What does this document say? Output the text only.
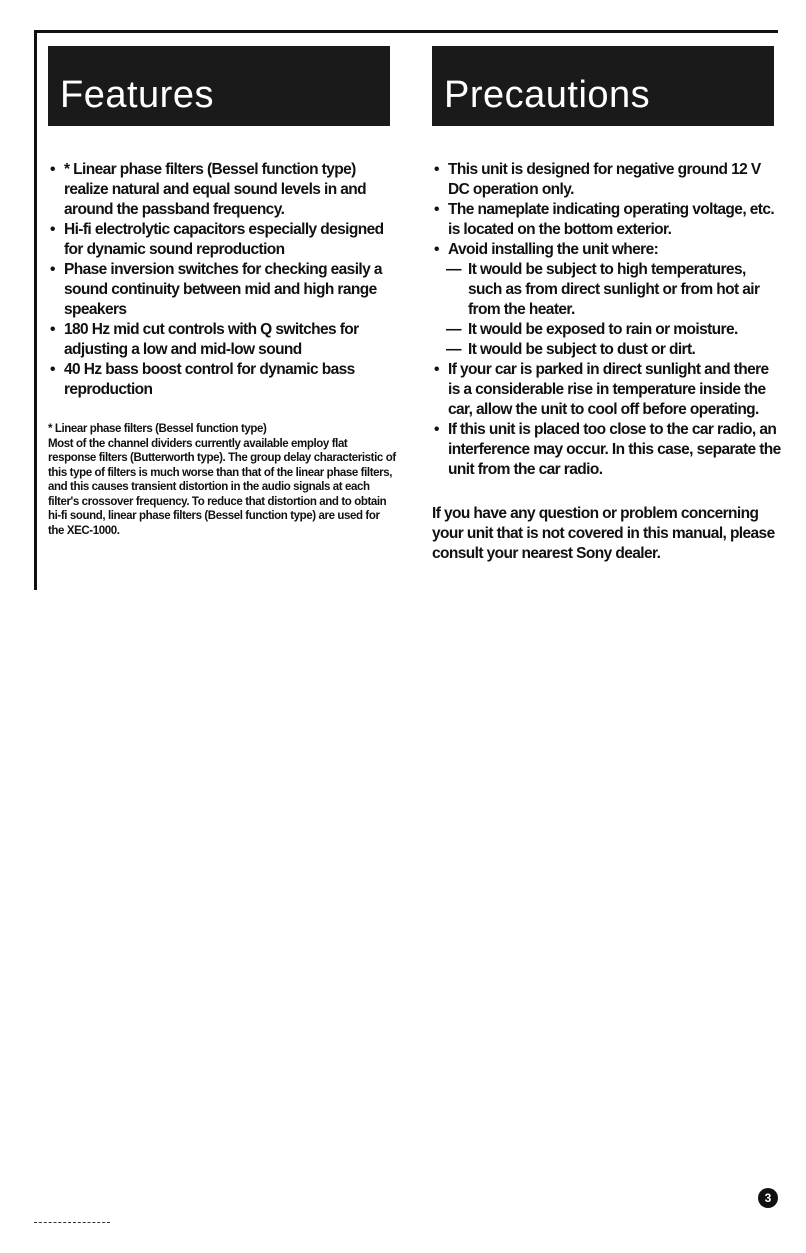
Features	Precautions
• * Linear phase filters (Bessel function type) realize natural and equal sound levels in and around the passband frequency.
• Hi-fi electrolytic capacitors especially designed for dynamic sound reproduction
• Phase inversion switches for checking easily a sound continuity between mid and high range speakers
• 180 Hz mid cut controls with Q switches for adjusting a low and mid-low sound
• 40 Hz bass boost control for dynamic bass reproduction

* Linear phase filters (Bessel function type)

Most of the channel dividers currently available employ flat response filters (Butterworth type). The group delay characteristic of this type of filters is much worse than that of the linear phase filters, and this causes transient distortion in the audio signals at each filter's crossover frequency. To reduce that distortion and to obtain hi-fi sound, linear phase filters (Bessel function type) are used for the XEC-1000.

• This unit is designed for negative ground 12 V DC operation only.
• The nameplate indicating operating voltage, etc. is located on the bottom exterior.
• Avoid installing the unit where:
— It would be subject to high temperatures, such as from direct sunlight or from hot air from the heater.
— It would be exposed to rain or moisture.
— It would be subject to dust or dirt.
• If your car is parked in direct sunlight and there is a considerable rise in temperature inside the car, allow the unit to cool off before operating.
• If this unit is placed too close to the car radio, an interference may occur. In this case, separate the unit from the car radio.
If you have any question or problem concerning your unit that is not covered in this manual, please consult your nearest Sony dealer.
3
